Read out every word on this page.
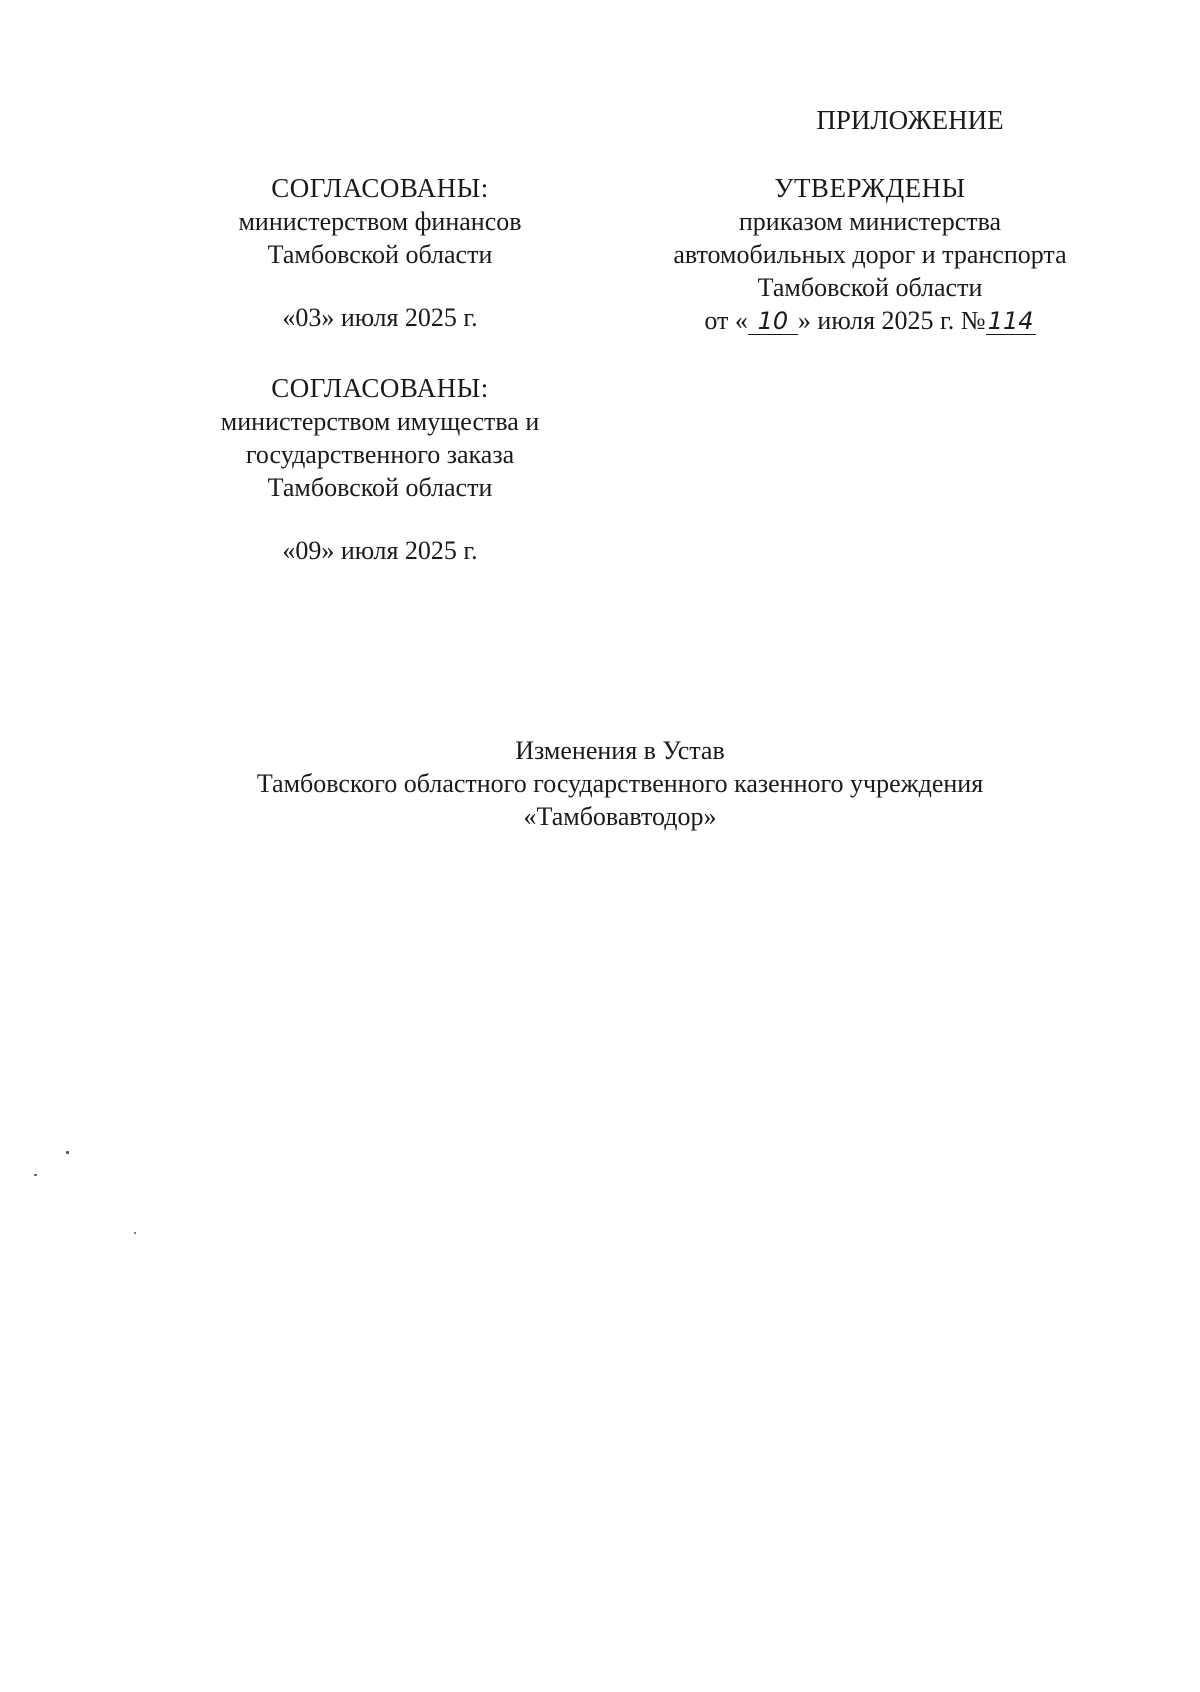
ПРИЛОЖЕНИЕ
УТВЕРЖДЕНЫ
приказом министерства
автомобильных дорог и транспорта
Тамбовской области
от « 10 » июля 2025 г. №114
СОГЛАСОВАНЫ:
министерством финансов
Тамбовской области
«03» июля 2025 г.
СОГЛАСОВАНЫ:
министерством имущества и
государственного заказа
Тамбовской области
«09» июля 2025 г.
Изменения в Устав
Тамбовского областного государственного казенного учреждения
«Тамбовавтодор»
